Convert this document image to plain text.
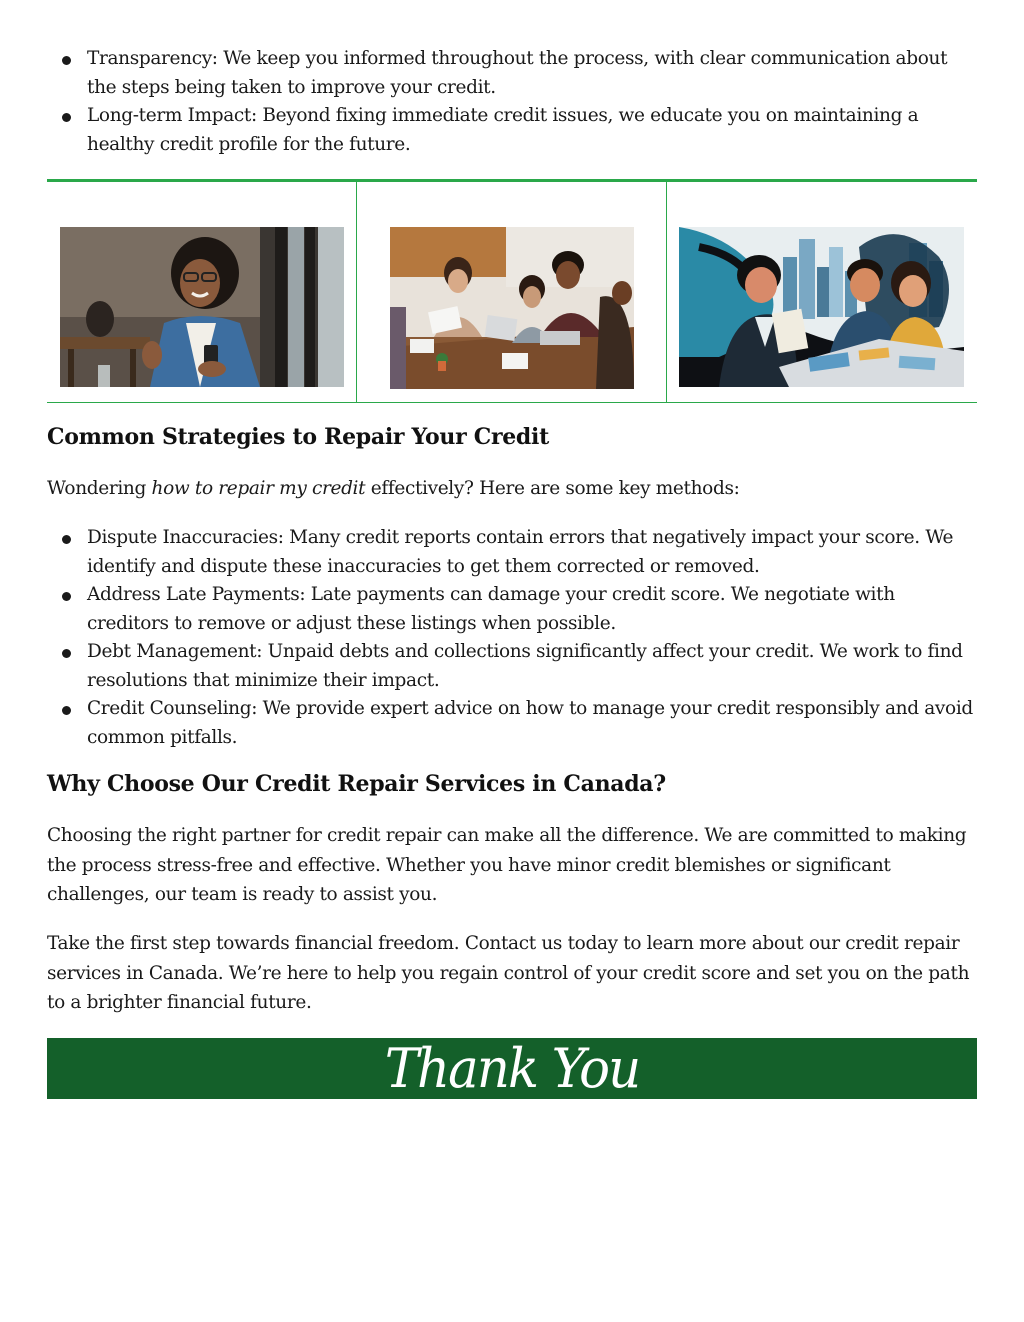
Transparency: We keep you informed throughout the process, with clear communication about the steps being taken to improve your credit.
Long-term Impact: Beyond fixing immediate credit issues, we educate you on maintaining a healthy credit profile for the future.
Common Strategies to Repair Your Credit

Wondering how to repair my credit effectively? Here are some key methods:

Dispute Inaccuracies: Many credit reports contain errors that negatively impact your score. We identify and dispute these inaccuracies to get them corrected or removed.
Address Late Payments: Late payments can damage your credit score. We negotiate with creditors to remove or adjust these listings when possible.
Debt Management: Unpaid debts and collections significantly affect your credit. We work to find resolutions that minimize their impact.
Credit Counseling: We provide expert advice on how to manage your credit responsibly and avoid common pitfalls.
Why Choose Our Credit Repair Services in Canada?

Choosing the right partner for credit repair can make all the difference. We are committed to making the process stress-free and effective. Whether you have minor credit blemishes or significant challenges, our team is ready to assist you.

Take the first step towards financial freedom. Contact us today to learn more about our credit repair services in Canada. We’re here to help you regain control of your credit score and set you on the path to a brighter financial future.

Thank You
